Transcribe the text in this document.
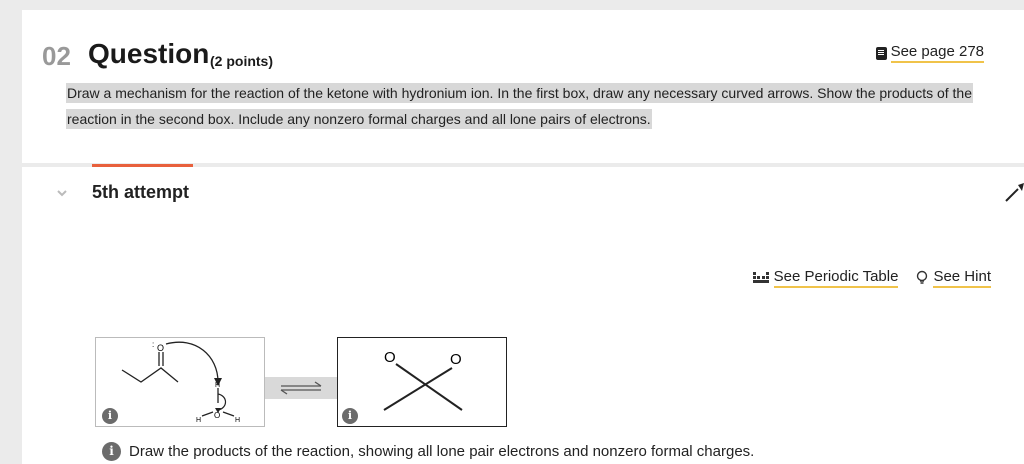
02 Question (2 points)
See page 278
Draw a mechanism for the reaction of the ketone with hydronium ion. In the first box, draw any necessary curved arrows. Show the products of the reaction in the second box. Include any nonzero formal charges and all lone pairs of electrons.
5th attempt
See Periodic Table See Hint
O
:
H
O
H	H
i
O	O
i
i	Draw the products of the reaction, showing all lone pair electrons and nonzero formal charges.
